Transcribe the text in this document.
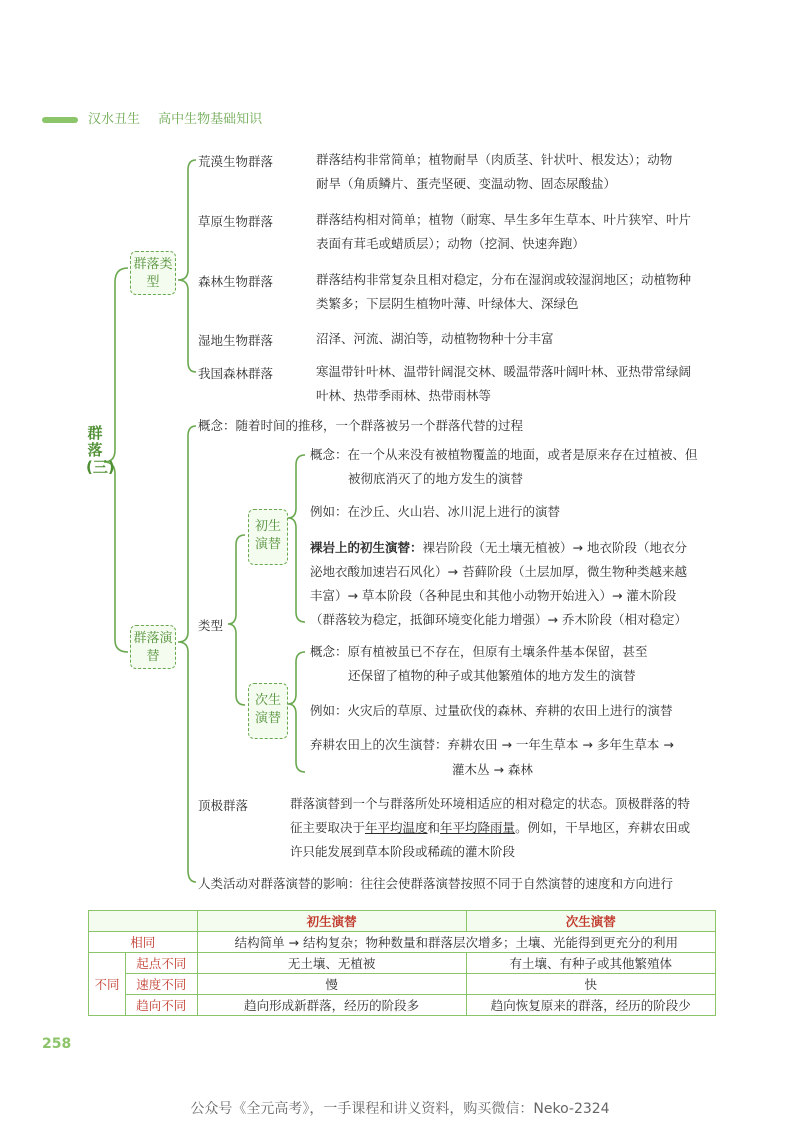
汉水丑生 高中生物基础知识
群落(三)
群落类型
群落演替
荒漠生物群落	群落结构非常简单；植物耐旱（肉质茎、针状叶、根发达）；动物
耐旱（角质鳞片、蛋壳坚硬、变温动物、固态尿酸盐）
草原生物群落	群落结构相对简单；植物（耐寒、旱生多年生草本、叶片狭窄、叶片
表面有茸毛或蜡质层）；动物（挖洞、快速奔跑）
森林生物群落	群落结构非常复杂且相对稳定，分布在湿润或较湿润地区；动植物种
类繁多；下层阴生植物叶薄、叶绿体大、深绿色
湿地生物群落	沼泽、河流、湖泊等，动植物物种十分丰富
我国森林群落	寒温带针叶林、温带针阔混交林、暖温带落叶阔叶林、亚热带常绿阔
叶林、热带季雨林、热带雨林等
概念：随着时间的推移，一个群落被另一个群落代替的过程
类型
初生演替
次生演替
概念：在一个从来没有被植物覆盖的地面，或者是原来存在过植被、但
被彻底消灭了的地方发生的演替
例如：在沙丘、火山岩、冰川泥上进行的演替
裸岩上的初生演替：裸岩阶段（无土壤无植被）→ 地衣阶段（地衣分
泌地衣酸加速岩石风化）→ 苔藓阶段（土层加厚，微生物种类越来越
丰富）→ 草本阶段（各种昆虫和其他小动物开始进入）→ 灌木阶段
（群落较为稳定，抵御环境变化能力增强）→ 乔木阶段（相对稳定）
概念：原有植被虽已不存在，但原有土壤条件基本保留，甚至
还保留了植物的种子或其他繁殖体的地方发生的演替
例如：火灾后的草原、过量砍伐的森林、弃耕的农田上进行的演替
弃耕农田上的次生演替：弃耕农田 → 一年生草本 → 多年生草本 →
灌木丛 → 森林
顶极群落	群落演替到一个与群落所处环境相适应的相对稳定的状态。顶极群落的特
征主要取决于年平均温度和年平均降雨量。例如，干旱地区，弃耕农田或
许只能发展到草本阶段或稀疏的灌木阶段
人类活动对群落演替的影响：往往会使群落演替按照不同于自然演替的速度和方向进行
		初生演替	次生演替
相同		结构简单 → 结构复杂；物种数量和群落层次增多；土壤、光能得到更充分的利用	
不同	起点不同	无土壤、无植被	有土壤、有种子或其他繁殖体
	速度不同	慢	快
	趋向不同	趋向形成新群落，经历的阶段多	趋向恢复原来的群落，经历的阶段少
258
公众号《全元高考》，一手课程和讲义资料，购买微信：Neko-2324
